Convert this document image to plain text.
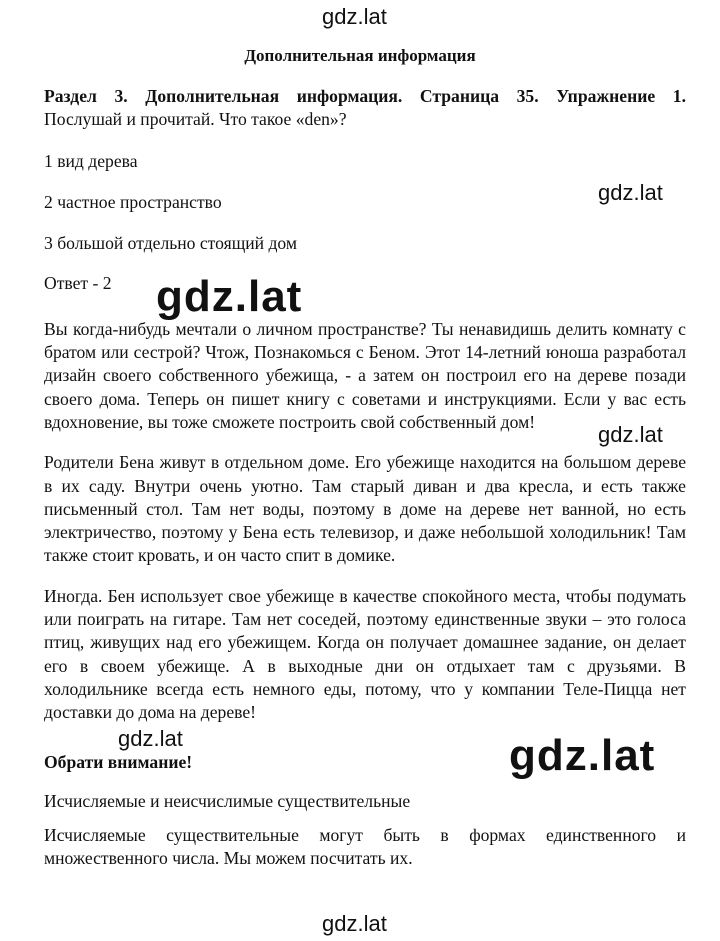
Дополнительная информация

Раздел 3. Дополнительная информация. Страница 35. Упражнение 1.

Послушай и прочитай. Что такое «den»?

1 вид дерева

2 частное пространство

3 большой отдельно стоящий дом

Ответ - 2

Вы когда-нибудь мечтали о личном пространстве? Ты ненавидишь делить комнату с братом или сестрой? Чтож, Познакомься с Беном. Этот 14-летний юноша разработал дизайн своего собственного убежища, - а затем он построил его на дереве позади своего дома. Теперь он пишет книгу с советами и инструкциями. Если у вас есть вдохновение, вы тоже сможете построить свой собственный дом!

Родители Бена живут в отдельном доме. Его убежище находится на большом дереве в их саду. Внутри очень уютно. Там старый диван и два кресла, и есть также письменный стол. Там нет воды, поэтому в доме на дереве нет ванной, но есть электричество, поэтому у Бена есть телевизор, и даже небольшой холодильник! Там также стоит кровать, и он часто спит в домике.

Иногда. Бен использует свое убежище в качестве спокойного места, чтобы подумать или поиграть на гитаре. Там нет соседей, поэтому единственные звуки – это голоса птиц, живущих над его убежищем. Когда он получает домашнее задание, он делает его в своем убежище. А в выходные дни он отдыхает там с друзьями. В холодильнике всегда есть немного еды, потому, что у компании Теле-Пицца нет доставки до дома на дереве!

Обрати внимание!

Исчисляемые и неисчислимые существительные

Исчисляемые существительные могут быть в формах единственного и множественного числа. Мы можем посчитать их.

gdz.lat
gdz.lat
gdz.lat
gdz.lat
gdz.lat	gdz.lat
gdz.lat
